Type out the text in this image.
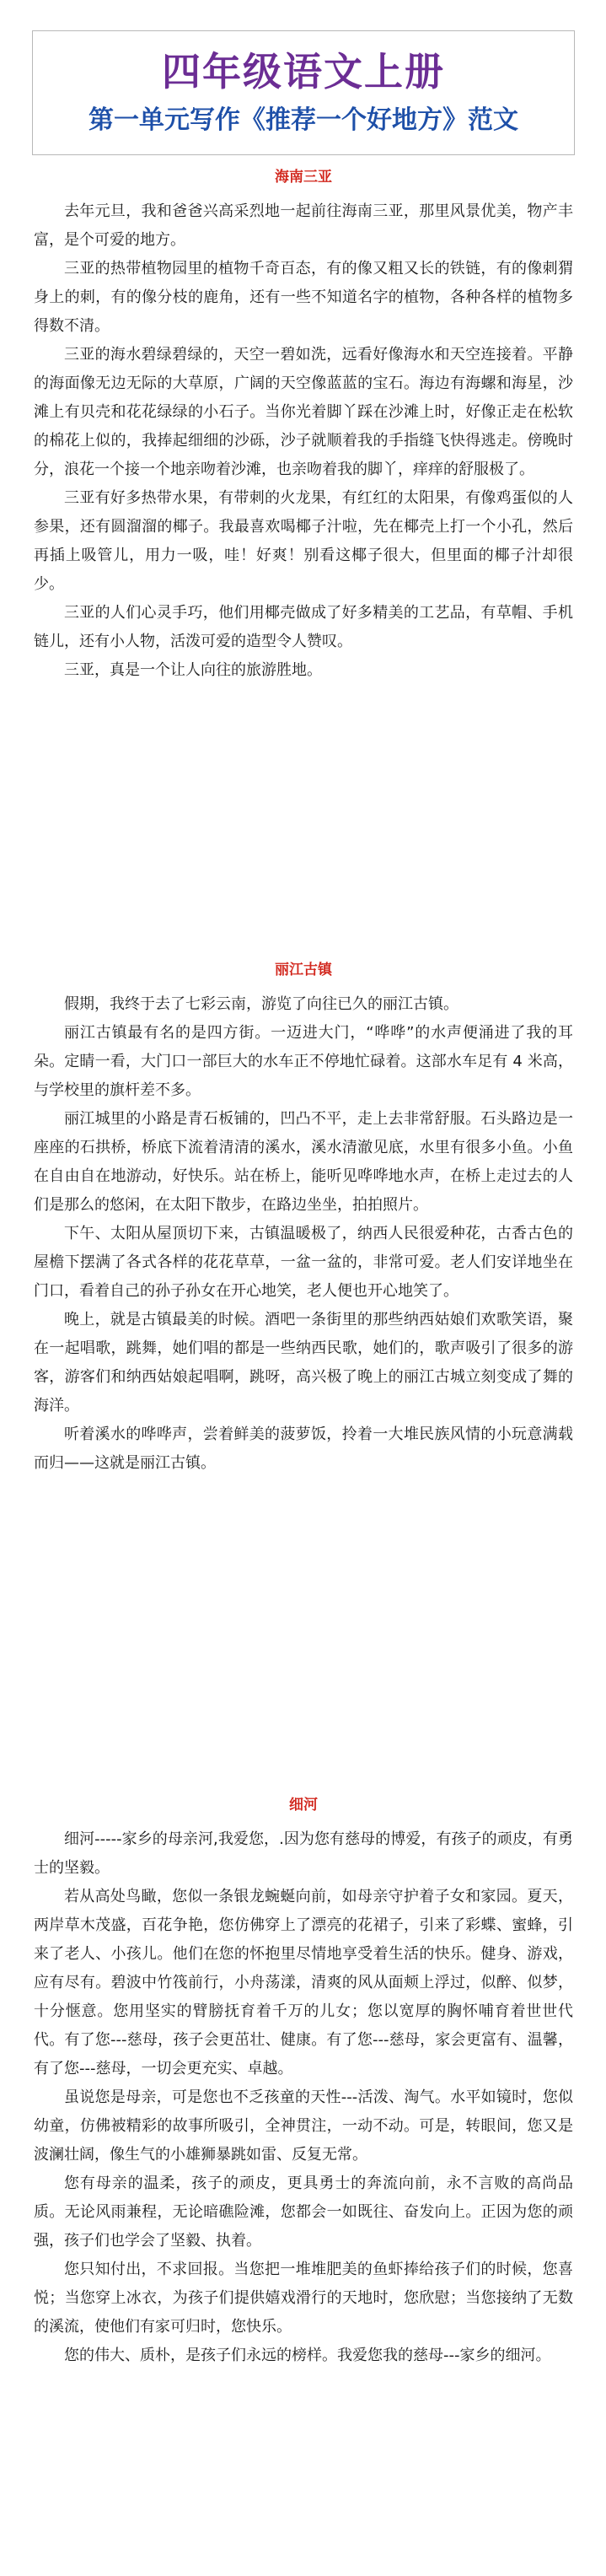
四年级语文上册
第一单元写作《推荐一个好地方》范文
海南三亚

去年元旦，我和爸爸兴高采烈地一起前往海南三亚，那里风景优美，物产丰富，是个可爱的地方。

三亚的热带植物园里的植物千奇百态，有的像又粗又长的铁链，有的像刺猬身上的刺，有的像分枝的鹿角，还有一些不知道名字的植物，各种各样的植物多得数不清。

三亚的海水碧绿碧绿的，天空一碧如洗，远看好像海水和天空连接着。平静的海面像无边无际的大草原，广阔的天空像蓝蓝的宝石。海边有海螺和海星，沙滩上有贝壳和花花绿绿的小石子。当你光着脚丫踩在沙滩上时，好像正走在松软的棉花上似的，我捧起细细的沙砾，沙子就顺着我的手指缝飞快得逃走。傍晚时分，浪花一个接一个地亲吻着沙滩，也亲吻着我的脚丫，痒痒的舒服极了。

三亚有好多热带水果，有带刺的火龙果，有红红的太阳果，有像鸡蛋似的人参果，还有圆溜溜的椰子。我最喜欢喝椰子汁啦，先在椰壳上打一个小孔，然后再插上吸管儿，用力一吸，哇！好爽！别看这椰子很大，但里面的椰子汁却很少。

三亚的人们心灵手巧，他们用椰壳做成了好多精美的工艺品，有草帽、手机链儿，还有小人物，活泼可爱的造型令人赞叹。

三亚，真是一个让人向往的旅游胜地。

丽江古镇

假期，我终于去了七彩云南，游览了向往已久的丽江古镇。

丽江古镇最有名的是四方街。一迈进大门，“哗哗”的水声便涌进了我的耳朵。定睛一看，大门口一部巨大的水车正不停地忙碌着。这部水车足有 4 米高，与学校里的旗杆差不多。

丽江城里的小路是青石板铺的，凹凸不平，走上去非常舒服。石头路边是一座座的石拱桥，桥底下流着清清的溪水，溪水清澈见底，水里有很多小鱼。小鱼在自由自在地游动，好快乐。站在桥上，能听见哗哗地水声，在桥上走过去的人们是那么的悠闲，在太阳下散步，在路边坐坐，拍拍照片。

下午、太阳从屋顶切下来，古镇温暖极了，纳西人民很爱种花，古香古色的屋檐下摆满了各式各样的花花草草，一盆一盆的，非常可爱。老人们安详地坐在门口，看着自己的孙子孙女在开心地笑，老人便也开心地笑了。

晚上，就是古镇最美的时候。酒吧一条街里的那些纳西姑娘们欢歌笑语，聚在一起唱歌，跳舞，她们唱的都是一些纳西民歌，她们的，歌声吸引了很多的游客，游客们和纳西姑娘起唱啊，跳呀，高兴极了晚上的丽江古城立刻变成了舞的海洋。

听着溪水的哗哗声，尝着鲜美的菠萝饭，拎着一大堆民族风情的小玩意满载而归——这就是丽江古镇。

细河

细河-----家乡的母亲河,我爱您，.因为您有慈母的博爱，有孩子的顽皮，有勇士的坚毅。

若从高处鸟瞰，您似一条银龙蜿蜒向前，如母亲守护着子女和家园。夏天，两岸草木茂盛，百花争艳，您仿佛穿上了漂亮的花裙子，引来了彩蝶、蜜蜂，引来了老人、小孩儿。他们在您的怀抱里尽情地享受着生活的快乐。健身、游戏，应有尽有。碧波中竹筏前行，小舟荡漾，清爽的风从面颊上浮过，似醉、似梦，十分惬意。您用坚实的臂膀抚育着千万的儿女；您以宽厚的胸怀哺育着世世代代。有了您---慈母，孩子会更茁壮、健康。有了您---慈母，家会更富有、温馨，有了您---慈母，一切会更充实、卓越。

虽说您是母亲，可是您也不乏孩童的天性---活泼、淘气。水平如镜时，您似幼童，仿佛被精彩的故事所吸引，全神贯注，一动不动。可是，转眼间，您又是波澜壮阔，像生气的小雄狮暴跳如雷、反复无常。

您有母亲的温柔，孩子的顽皮，更具勇士的奔流向前，永不言败的高尚品质。无论风雨兼程，无论暗礁险滩，您都会一如既往、奋发向上。正因为您的顽强，孩子们也学会了坚毅、执着。

您只知付出，不求回报。当您把一堆堆肥美的鱼虾捧给孩子们的时候，您喜悦；当您穿上冰衣，为孩子们提供嬉戏滑行的天地时，您欣慰；当您接纳了无数的溪流，使他们有家可归时，您快乐。

您的伟大、质朴，是孩子们永远的榜样。我爱您我的慈母---家乡的细河。
